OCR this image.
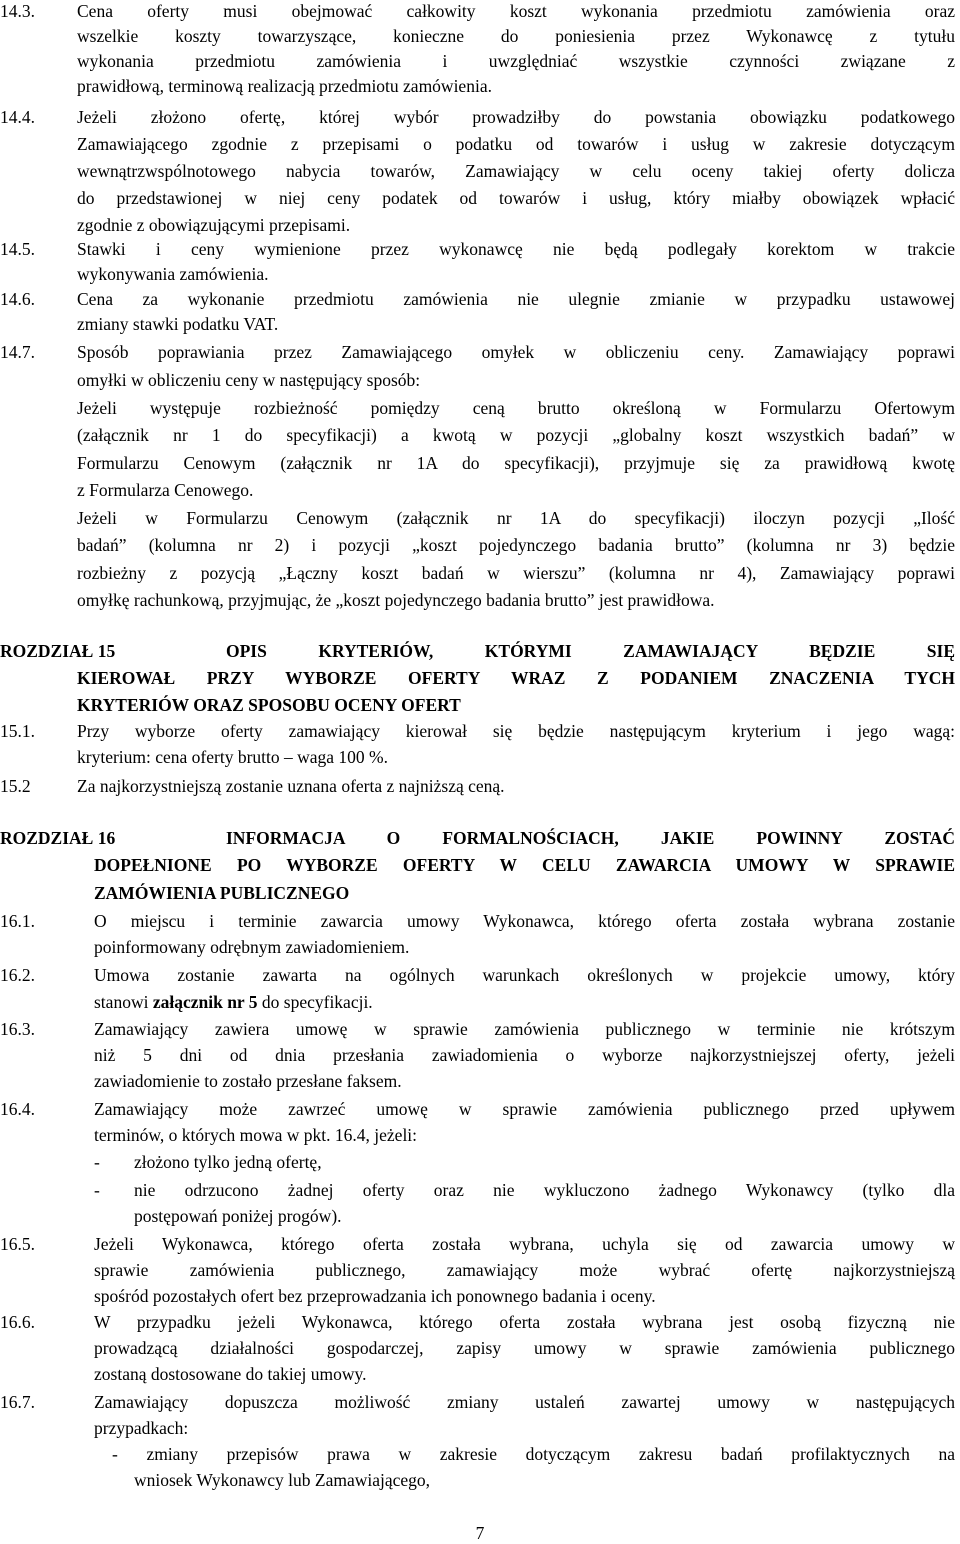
14.3. Cena oferty musi obejmować całkowity koszt wykonania przedmiotu zamówienia oraz
wszelkie koszty towarzyszące, konieczne do poniesienia przez Wykonawcę z tytułu
wykonania przedmiotu zamówienia i uwzględniać wszystkie czynności związane z
prawidłową, terminową realizacją przedmiotu zamówienia.
14.4. Jeżeli złożono ofertę, której wybór prowadziłby do powstania obowiązku podatkowego
Zamawiającego zgodnie z przepisami o podatku od towarów i usług w zakresie dotyczącym
wewnątrzwspólnotowego nabycia towarów, Zamawiający w celu oceny takiej oferty dolicza
do przedstawionej w niej ceny podatek od towarów i usług, który miałby obowiązek wpłacić
zgodnie z obowiązującymi przepisami.
14.5. Stawki i ceny wymienione przez wykonawcę nie będą podlegały korektom w trakcie
wykonywania zamówienia.
14.6. Cena za wykonanie przedmiotu zamówienia nie ulegnie zmianie w przypadku ustawowej
zmiany stawki podatku VAT.
14.7. Sposób poprawiania przez Zamawiającego omyłek w obliczeniu ceny. Zamawiający poprawi
omyłki w obliczeniu ceny w następujący sposób:
Jeżeli występuje rozbieżność pomiędzy ceną brutto określoną w Formularzu Ofertowym
(załącznik nr 1 do specyfikacji) a kwotą w pozycji „globalny koszt wszystkich badań” w
Formularzu Cenowym (załącznik nr 1A do specyfikacji), przyjmuje się za prawidłową kwotę
z Formularza Cenowego.
Jeżeli w Formularzu Cenowym (załącznik nr 1A do specyfikacji) iloczyn pozycji „Ilość
badań” (kolumna nr 2) i pozycji „koszt pojedynczego badania brutto” (kolumna nr 3) będzie
rozbieżny z pozycją „Łączny koszt badań w wierszu” (kolumna nr 4), Zamawiający poprawi
omyłkę rachunkową, przyjmując, że „koszt pojedynczego badania brutto” jest prawidłowa.
ROZDZIAŁ 15	OPIS KRYTERIÓW, KTÓRYMI ZAMAWIAJĄCY BĘDZIE SIĘ
KIEROWAŁ PRZY WYBORZE OFERTY WRAZ Z PODANIEM ZNACZENIA TYCH
KRYTERIÓW ORAZ SPOSOBU OCENY OFERT
15.1. Przy wyborze oferty zamawiający kierował się będzie następującym kryterium i jego wagą:
kryterium: cena oferty brutto – waga 100 %.
15.2	Za najkorzystniejszą zostanie uznana oferta z najniższą ceną.
ROZDZIAŁ 16	INFORMACJA O FORMALNOŚCIACH, JAKIE POWINNY ZOSTAĆ
DOPEŁNIONE PO WYBORZE OFERTY W CELU ZAWARCIA UMOWY W SPRAWIE
ZAMÓWIENIA PUBLICZNEGO
16.1.	O miejscu i terminie zawarcia umowy Wykonawca, którego oferta została wybrana zostanie
poinformowany odrębnym zawiadomieniem.
16.2.	Umowa zostanie zawarta na ogólnych warunkach określonych w projekcie umowy, który
stanowi załącznik nr 5 do specyfikacji.
16.3.	Zamawiający zawiera umowę w sprawie zamówienia publicznego w terminie nie krótszym
niż 5 dni od dnia przesłania zawiadomienia o wyborze najkorzystniejszej oferty, jeżeli
zawiadomienie to zostało przesłane faksem.
16.4.	Zamawiający może zawrzeć umowę w sprawie zamówienia publicznego przed upływem
terminów, o których mowa w pkt. 16.4, jeżeli:
- złożono tylko jedną ofertę,
- nie odrzucono żadnej oferty oraz nie wykluczono żadnego Wykonawcy (tylko dla
postępowań poniżej progów).
16.5.	Jeżeli Wykonawca, którego oferta została wybrana, uchyla się od zawarcia umowy w
sprawie zamówienia publicznego, zamawiający może wybrać ofertę najkorzystniejszą
spośród pozostałych ofert bez przeprowadzania ich ponownego badania i oceny.
16.6.	W przypadku jeżeli Wykonawca, którego oferta została wybrana jest osobą fizyczną nie
prowadzącą działalności gospodarczej, zapisy umowy w sprawie zamówienia publicznego
zostaną dostosowane do takiej umowy.
16.7.	Zamawiający dopuszcza możliwość zmiany ustaleń zawartej umowy w następujących
przypadkach:
- zmiany przepisów prawa w zakresie dotyczącym zakresu badań profilaktycznych na
wniosek Wykonawcy lub Zamawiającego,
7
